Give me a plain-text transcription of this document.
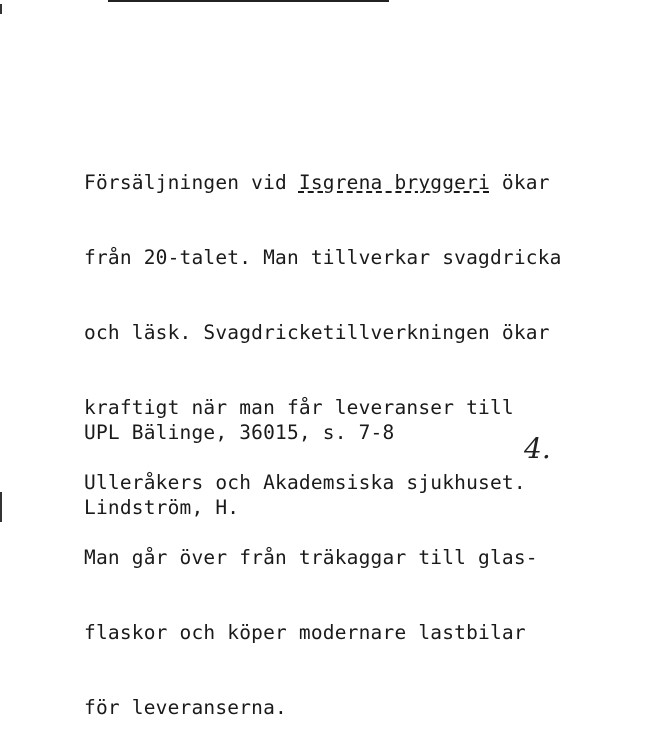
Försäljningen vid Isgrena bryggeri ökar

från 20-talet. Man tillverkar svagdricka

och läsk. Svagdricketillverkningen ökar

kraftigt när man får leveranser till

Ulleråkers och Akademsiska sjukhuset.

Man går över från träkaggar till glas-

flaskor och köper modernare lastbilar

för leveranserna.

UPL Bälinge, 36015, s. 7-8

Lindström, H.

4.
